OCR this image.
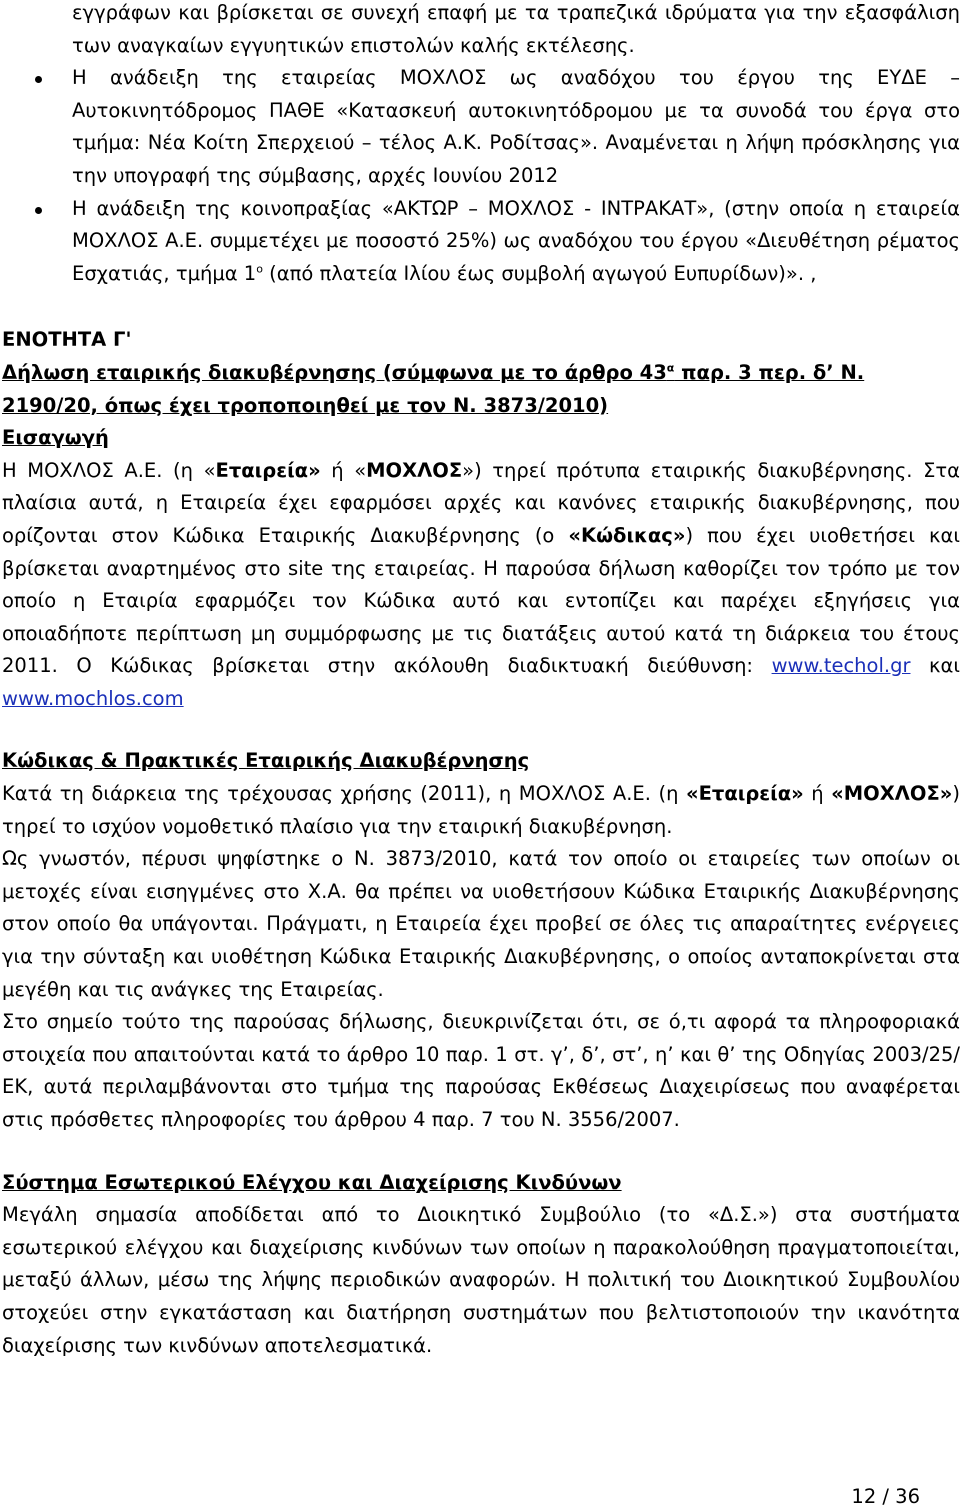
εγγράφων και βρίσκεται σε συνεχή επαφή με τα τραπεζικά ιδρύματα για την εξασφάλιση των αναγκαίων εγγυητικών επιστολών καλής εκτέλεσης.

Η ανάδειξη της εταιρείας ΜΟΧΛΟΣ ως αναδόχου του έργου της ΕΥΔΕ – Αυτοκινητόδρομος ΠΑΘΕ «Κατασκευή αυτοκινητόδρομου με τα συνοδά του έργα στο τμήμα: Νέα Κοίτη Σπερχειού – τέλος Α.Κ. Ροδίτσας». Αναμένεται η λήψη πρόσκλησης για την υπογραφή της σύμβασης, αρχές Ιουνίου 2012
Η ανάδειξη της κοινοπραξίας «ΑΚΤΩΡ – ΜΟΧΛΟΣ - ΙΝΤΡΑΚΑΤ», (στην οποία η εταιρεία ΜΟΧΛΟΣ Α.Ε. συμμετέχει με ποσοστό 25%) ως αναδόχου του έργου «Διευθέτηση ρέματος Εσχατιάς, τμήμα $1^o$ (από πλατεία Ιλίου έως συμβολή αγωγού Ευπυρίδων)». ,

ΕΝΟΤΗΤΑ Γ'

Δήλωση εταιρικής διακυβέρνησης (σύμφωνα με το άρθρο $43^\alpha$ παρ. 3 περ. δ’ Ν. 2190/20, όπως έχει τροποποιηθεί με τον Ν. 3873/2010)

Εισαγωγή

Η ΜΟΧΛΟΣ Α.Ε. (η «Εταιρεία» ή «ΜΟΧΛΟΣ») τηρεί πρότυπα εταιρικής διακυβέρνησης. Στα πλαίσια αυτά, η Εταιρεία έχει εφαρμόσει αρχές και κανόνες εταιρικής διακυβέρνησης, που ορίζονται στον Κώδικα Εταιρικής Διακυβέρνησης (ο «Κώδικας») που έχει υιοθετήσει και βρίσκεται αναρτημένος στο site της εταιρείας. Η παρούσα δήλωση καθορίζει τον τρόπο με τον οποίο η Εταιρία εφαρμόζει τον Κώδικα αυτό και εντοπίζει και παρέχει εξηγήσεις για οποιαδήποτε περίπτωση μη συμμόρφωσης με τις διατάξεις αυτού κατά τη διάρκεια του έτους 2011. Ο Κώδικας βρίσκεται στην ακόλουθη διαδικτυακή διεύθυνση: www.techol.gr και www.mochlos.com

Κώδικας & Πρακτικές Εταιρικής Διακυβέρνησης

Κατά τη διάρκεια της τρέχουσας χρήσης (2011), η ΜΟΧΛΟΣ Α.Ε. (η «Εταιρεία» ή «ΜΟΧΛΟΣ») τηρεί το ισχύον νομοθετικό πλαίσιο για την εταιρική διακυβέρνηση.

Ως γνωστόν, πέρυσι ψηφίστηκε ο Ν. 3873/2010, κατά τον οποίο οι εταιρείες των οποίων οι μετοχές είναι εισηγμένες στο Χ.Α. θα πρέπει να υιοθετήσουν Κώδικα Εταιρικής Διακυβέρνησης στον οποίο θα υπάγονται. Πράγματι, η Εταιρεία έχει προβεί σε όλες τις απαραίτητες ενέργειες για την σύνταξη και υιοθέτηση Κώδικα Εταιρικής Διακυβέρνησης, ο οποίος ανταποκρίνεται στα μεγέθη και τις ανάγκες της Εταιρείας.

Στο σημείο τούτο της παρούσας δήλωσης, διευκρινίζεται ότι, σε ό,τι αφορά τα πληροφοριακά στοιχεία που απαιτούνται κατά το άρθρο 10 παρ. 1 στ. γ’, δ’, στ’, η’ και θ’ της Οδηγίας 2003/25/ΕΚ, αυτά περιλαμβάνονται στο τμήμα της παρούσας Εκθέσεως Διαχειρίσεως που αναφέρεται στις πρόσθετες πληροφορίες του άρθρου 4 παρ. 7 του Ν. 3556/2007.

Σύστημα Εσωτερικού Ελέγχου και Διαχείρισης Κινδύνων

Μεγάλη σημασία αποδίδεται από το Διοικητικό Συμβούλιο (το «Δ.Σ.») στα συστήματα εσωτερικού ελέγχου και διαχείρισης κινδύνων των οποίων η παρακολούθηση πραγματοποιείται, μεταξύ άλλων, μέσω της λήψης περιοδικών αναφορών. Η πολιτική του Διοικητικού Συμβουλίου στοχεύει στην εγκατάσταση και διατήρηση συστημάτων που βελτιστοποιούν την ικανότητα διαχείρισης των κινδύνων αποτελεσματικά.

12 / 36
